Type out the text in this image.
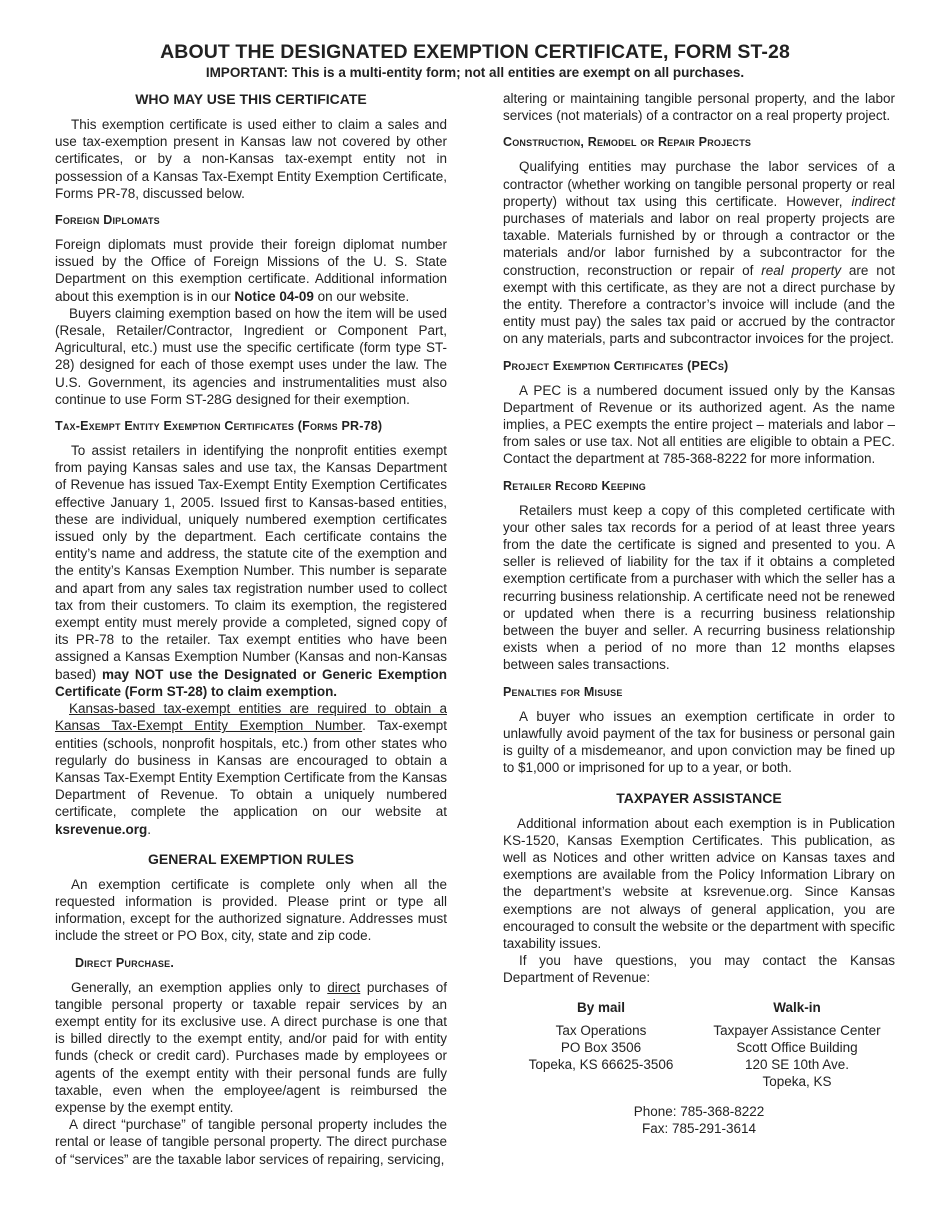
ABOUT THE DESIGNATED EXEMPTION CERTIFICATE, FORM ST-28
IMPORTANT: This is a multi-entity form; not all entities are exempt on all purchases.
WHO MAY USE THIS CERTIFICATE

This exemption certificate is used either to claim a sales and use tax-exemption present in Kansas law not covered by other certificates, or by a non-Kansas tax-exempt entity not in possession of a Kansas Tax-Exempt Entity Exemption Certificate, Forms PR-78, discussed below.

Foreign Diplomats

Foreign diplomats must provide their foreign diplomat number issued by the Office of Foreign Missions of the U. S. State Department on this exemption certificate. Additional information about this exemption is in our Notice 04-09 on our website.

Buyers claiming exemption based on how the item will be used (Resale, Retailer/Contractor, Ingredient or Component Part, Agricultural, etc.) must use the specific certificate (form type ST-28) designed for each of those exempt uses under the law. The U.S. Government, its agencies and instrumentalities must also continue to use Form ST-28G designed for their exemption.

Tax-Exempt Entity Exemption Certificates (Forms PR-78)

To assist retailers in identifying the nonprofit entities exempt from paying Kansas sales and use tax, the Kansas Department of Revenue has issued Tax-Exempt Entity Exemption Certificates effective January 1, 2005. Issued first to Kansas-based entities, these are individual, uniquely numbered exemption certificates issued only by the department. Each certificate contains the entity’s name and address, the statute cite of the exemption and the entity’s Kansas Exemption Number. This number is separate and apart from any sales tax registration number used to collect tax from their customers. To claim its exemption, the registered exempt entity must merely provide a completed, signed copy of its PR-78 to the retailer. Tax exempt entities who have been assigned a Kansas Exemption Number (Kansas and non-Kansas based) may NOT use the Designated or Generic Exemption Certificate (Form ST-28) to claim exemption.

Kansas-based tax-exempt entities are required to obtain a Kansas Tax-Exempt Entity Exemption Number. Tax-exempt entities (schools, nonprofit hospitals, etc.) from other states who regularly do business in Kansas are encouraged to obtain a Kansas Tax-Exempt Entity Exemption Certificate from the Kansas Department of Revenue. To obtain a uniquely numbered certificate, complete the application on our website at ksrevenue.org.

GENERAL EXEMPTION RULES

An exemption certificate is complete only when all the requested information is provided. Please print or type all information, except for the authorized signature. Addresses must include the street or PO Box, city, state and zip code.

Direct Purchase.

Generally, an exemption applies only to direct purchases of tangible personal property or taxable repair services by an exempt entity for its exclusive use. A direct purchase is one that is billed directly to the exempt entity, and/or paid for with entity funds (check or credit card). Purchases made by employees or agents of the exempt entity with their personal funds are fully taxable, even when the employee/agent is reimbursed the expense by the exempt entity.

A direct “purchase” of tangible personal property includes the rental or lease of tangible personal property. The direct purchase of “services” are the taxable labor services of repairing, servicing,

altering or maintaining tangible personal property, and the labor services (not materials) of a contractor on a real property project.

Construction, Remodel or Repair Projects

Qualifying entities may purchase the labor services of a contractor (whether working on tangible personal property or real property) without tax using this certificate. However, indirect purchases of materials and labor on real property projects are taxable. Materials furnished by or through a contractor or the materials and/or labor furnished by a subcontractor for the construction, reconstruction or repair of real property are not exempt with this certificate, as they are not a direct purchase by the entity. Therefore a contractor’s invoice will include (and the entity must pay) the sales tax paid or accrued by the contractor on any materials, parts and subcontractor invoices for the project.

Project Exemption Certificates (PECs)

A PEC is a numbered document issued only by the Kansas Department of Revenue or its authorized agent. As the name implies, a PEC exempts the entire project – materials and labor – from sales or use tax. Not all entities are eligible to obtain a PEC. Contact the department at 785-368-8222 for more information.

Retailer Record Keeping

Retailers must keep a copy of this completed certificate with your other sales tax records for a period of at least three years from the date the certificate is signed and presented to you. A seller is relieved of liability for the tax if it obtains a completed exemption certificate from a purchaser with which the seller has a recurring business relationship. A certificate need not be renewed or updated when there is a recurring business relationship between the buyer and seller. A recurring business relationship exists when a period of no more than 12 months elapses between sales transactions.

Penalties for Misuse

A buyer who issues an exemption certificate in order to unlawfully avoid payment of the tax for business or personal gain is guilty of a misdemeanor, and upon conviction may be fined up to $1,000 or imprisoned for up to a year, or both.

TAXPAYER ASSISTANCE

Additional information about each exemption is in Publication KS-1520, Kansas Exemption Certificates. This publication, as well as Notices and other written advice on Kansas taxes and exemptions are available from the Policy Information Library on the department’s website at ksrevenue.org. Since Kansas exemptions are not always of general application, you are encouraged to consult the website or the department with specific taxability issues.

If you have questions, you may contact the Kansas Department of Revenue:

By mail
Tax Operations
PO Box 3506
Topeka, KS 66625-3506
Walk-in
Taxpayer Assistance Center
Scott Office Building
120 SE 10th Ave.
Topeka, KS
Phone: 785-368-8222
Fax: 785-291-3614
